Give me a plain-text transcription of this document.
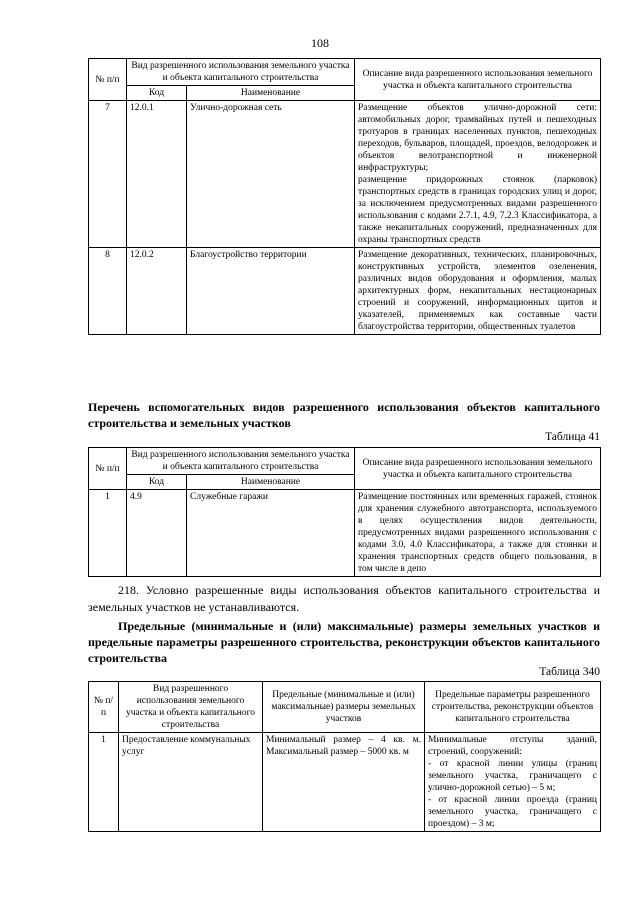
108
№ п/п	Вид разрешенного использования земельного участка и объекта капитального строительства		Описание вида разрешенного использования земельного участка и объекта капитального строительства
	Код	Наименование	
7	12.0.1	Улично-дорожная сеть	Размещение объектов улично-дорожной сети: автомобильных дорог, трамвайных путей и пешеходных тротуаров в границах населенных пунктов, пешеходных переходов, бульваров, площадей, проездов, велодорожек и объектов велотранспортной и инженерной инфраструктуры;
размещение придорожных стоянок (парковок) транспортных средств в границах городских улиц и дорог, за исключением предусмотренных видами разрешенного использования с кодами 2.7.1, 4.9, 7.2.3 Классификатора, а также некапитальных сооружений, предназначенных для охраны транспортных средств
8	12.0.2	Благоустройство территории	Размещение декоративных, технических, планировочных, конструктивных устройств, элементов озеленения, различных видов оборудования и оформления, малых архитектурных форм, некапитальных нестационарных строений и сооружений, информационных щитов и указателей, применяемых как составные части благоустройства территории, общественных туалетов
Перечень вспомогательных видов разрешенного использования объектов капитального строительства и земельных участков
Таблица 41
№ п/п	Вид разрешенного использования земельного участка и объекта капитального строительства		Описание вида разрешенного использования земельного участка и объекта капитального строительства
	Код	Наименование	
1	4.9	Служебные гаражи	Размещение постоянных или временных гаражей, стоянок для хранения служебного автотранспорта, используемого в целях осуществления видов деятельности, предусмотренных видами разрешенного использования с кодами 3.0, 4.0 Классификатора, а также для стоянки и хранения транспортных средств общего пользования, в том числе в депо
218. Условно разрешенные виды использования объектов капитального строительства и земельных участков не устанавливаются.
Предельные (минимальные и (или) максимальные) размеры земельных участков и предельные параметры разрешенного строительства, реконструкции объектов капитального строительства
Таблица 340
№ п/п	Вид разрешенного использования земельного участка и объекта капитального строительства	Предельные (минимальные и (или) максимальные) размеры земельных участков	Предельные параметры разрешенного строительства, реконструкции объектов капитального строительства
1	Предоставление коммунальных услуг	Минимальный размер – 4 кв. м. Максимальный размер – 5000 кв. м	Минимальные отступы зданий, строений, сооружений:
- от красной линии улицы (границ земельного участка, граничащего с улично-дорожной сетью) – 5 м;
- от красной линии проезда (границ земельного участка, граничащего с проездом) – 3 м;
